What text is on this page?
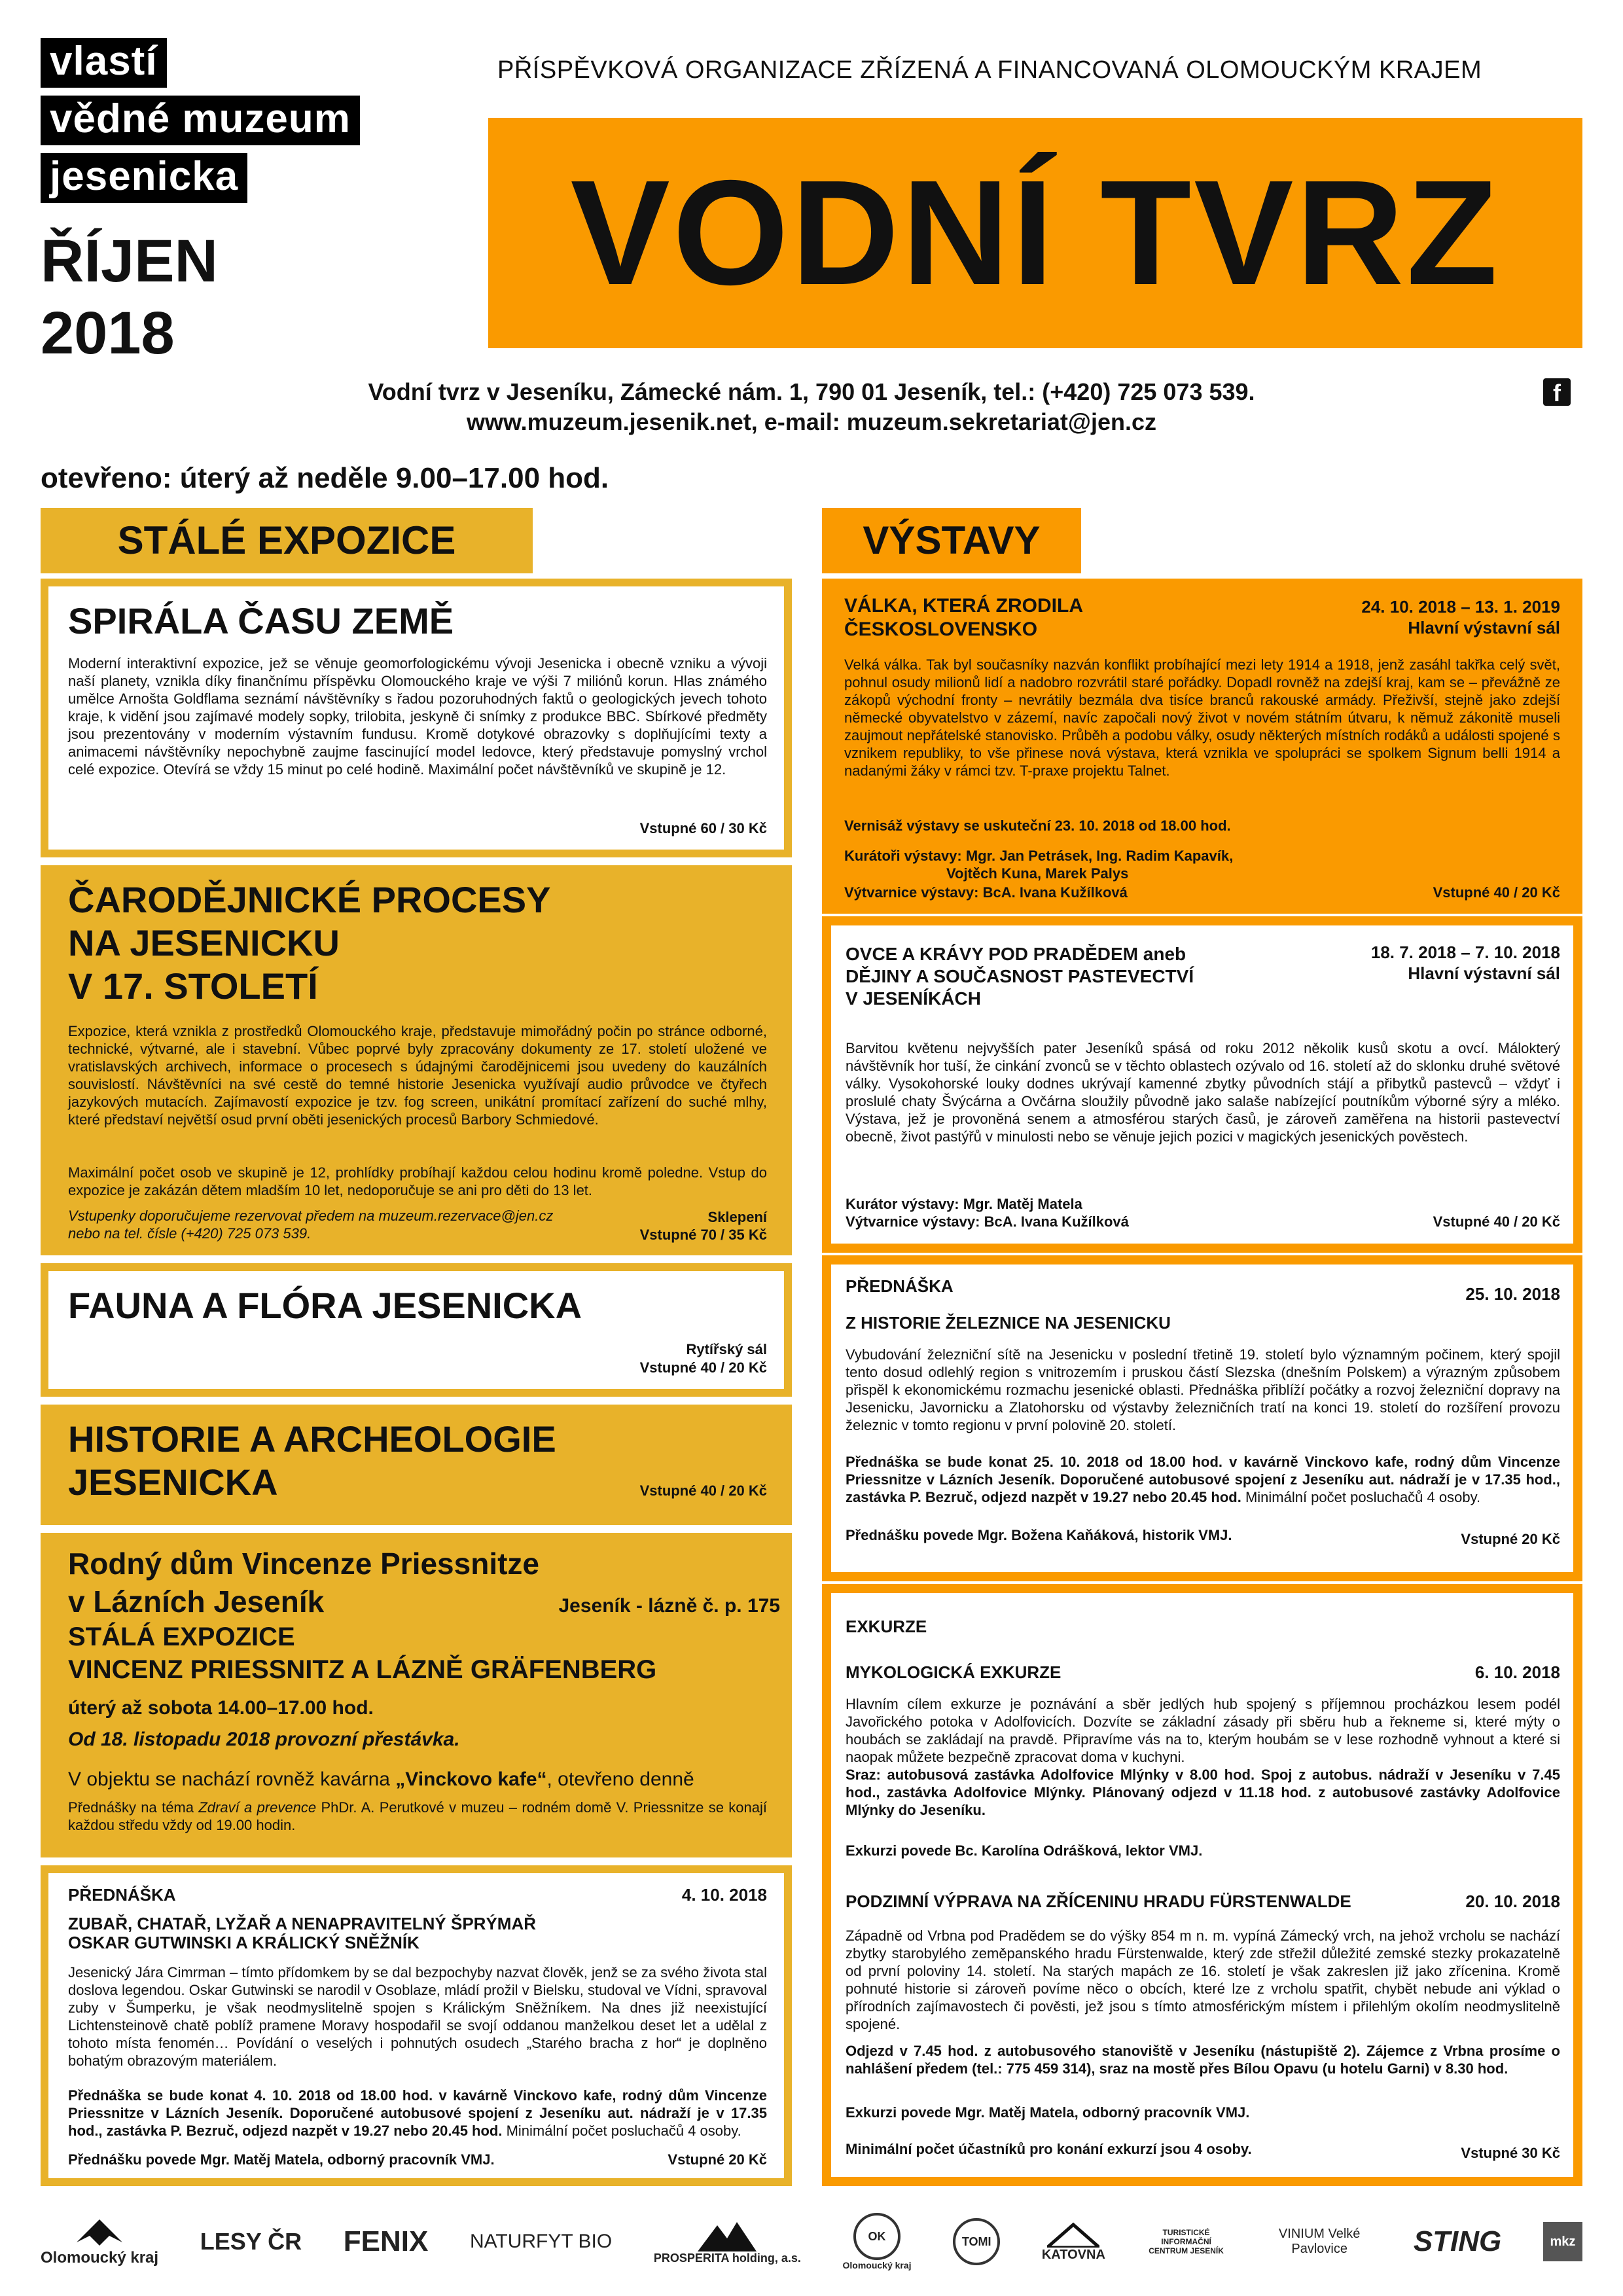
vlastí
vědné muzeum
jesenicka
ŘÍJEN
2018
PŘÍSPĚVKOVÁ ORGANIZACE ZŘÍZENÁ A FINANCOVANÁ OLOMOUCKÝM KRAJEM
VODNÍ TVRZ
Vodní tvrz v Jeseníku, Zámecké nám. 1, 790 01 Jeseník, tel.: (+420) 725 073 539.
www.muzeum.jesenik.net, e-mail: muzeum.sekretariat@jen.cz
f
otevřeno: úterý až neděle 9.00–17.00 hod.
STÁLÉ EXPOZICE
SPIRÁLA ČASU ZEMĚ
Moderní interaktivní expozice, jež se věnuje geomorfologickému vývoji Jesenicka i obecně vzniku a vývoji naší planety, vznikla díky finančnímu příspěvku Olomouckého kraje ve výši 7 miliónů korun. Hlas známého umělce Arnošta Goldflama seznámí návštěvníky s řadou pozoruhodných faktů o geologických jevech tohoto kraje, k vidění jsou zajímavé modely sopky, trilobita, jeskyně či snímky z produkce BBC. Sbírkové předměty jsou prezentovány v moderním výstavním fundusu. Kromě dotykové obrazovky s doplňujícími texty a animacemi návštěvníky nepochybně zaujme fascinující model ledovce, který představuje pomyslný vrchol celé expozice. Otevírá se vždy 15 minut po celé hodině. Maximální počet návštěvníků ve skupině je 12.
Vstupné 60 / 30 Kč
ČARODĚJNICKÉ PROCESY
NA JESENICKU
V 17. STOLETÍ
Expozice, která vznikla z prostředků Olomouckého kraje, představuje mimořádný počin po stránce odborné, technické, výtvarné, ale i stavební. Vůbec poprvé byly zpracovány dokumenty ze 17. století uložené ve vratislavských archivech, informace o procesech s údajnými čarodějnicemi jsou uvedeny do kauzálních souvislostí. Návštěvníci na své cestě do temné historie Jesenicka využívají audio průvodce ve čtyřech jazykových mutacích. Zajímavostí expozice je tzv. fog screen, unikátní promítací zařízení do suché mlhy, které představí největší osud první oběti jesenických procesů Barbory Schmiedové.
Maximální počet osob ve skupině je 12, prohlídky probíhají každou celou hodinu kromě poledne. Vstup do expozice je zakázán dětem mladším 10 let, nedoporučuje se ani pro děti do 13 let.
Vstupenky doporučujeme rezervovat předem na muzeum.rezervace@jen.cz
nebo na tel. čísle (+420) 725 073 539.
Sklepení
Vstupné 70 / 35 Kč
FAUNA A FLÓRA JESENICKA
Rytířský sál
Vstupné 40 / 20 Kč
HISTORIE A ARCHEOLOGIE
JESENICKA	Vstupné 40 / 20 Kč
Rodný dům Vincenze Priessnitze
v Lázních Jeseník	Jeseník - lázně č. p. 175
STÁLÁ EXPOZICE
VINCENZ PRIESSNITZ A LÁZNĚ GRÄFENBERG
úterý až sobota 14.00–17.00 hod.
Od 18. listopadu 2018 provozní přestávka.
V objektu se nachází rovněž kavárna „Vinckovo kafe“, otevřeno denně
Přednášky na téma Zdraví a prevence PhDr. A. Perutkové v muzeu – rodném domě V. Priessnitze se konají každou středu vždy od 19.00 hodin.
PŘEDNÁŠKA	4. 10. 2018
ZUBAŘ, CHATAŘ, LYŽAŘ A NENAPRAVITELNÝ ŠPRÝMAŘ
OSKAR GUTWINSKI A KRÁLICKÝ SNĚŽNÍK
Jesenický Jára Cimrman – tímto přídomkem by se dal bezpochyby nazvat člověk, jenž se za svého života stal doslova legendou. Oskar Gutwinski se narodil v Osoblaze, mládí prožil v Bielsku, studoval ve Vídni, spravoval zuby v Šumperku, je však neodmyslitelně spojen s Králickým Sněžníkem. Na dnes již neexistující Lichtensteinově chatě poblíž pramene Moravy hospodařil se svojí oddanou manželkou deset let a udělal z tohoto místa fenomén… Povídání o veselých i pohnutých osudech „Starého bracha z hor“ je doplněno bohatým obrazovým materiálem.
Přednáška se bude konat 4. 10. 2018 od 18.00 hod. v kavárně Vinckovo kafe, rodný dům Vincenze Priessnitze v Lázních Jeseník. Doporučené autobusové spojení z Jeseníku aut. nádraží je v 17.35 hod., zastávka P. Bezruč, odjezd nazpět v 19.27 nebo 20.45 hod. Minimální počet posluchačů 4 osoby.
Přednášku povede Mgr. Matěj Matela, odborný pracovník VMJ.	Vstupné 20 Kč
VÝSTAVY
VÁLKA, KTERÁ ZRODILA
ČESKOSLOVENSKO
24. 10. 2018 – 13. 1. 2019
Hlavní výstavní sál
Velká válka. Tak byl současníky nazván konflikt probíhající mezi lety 1914 a 1918, jenž zasáhl takřka celý svět, pohnul osudy milionů lidí a nadobro rozvrátil staré pořádky. Dopadl rovněž na zdejší kraj, kam se – převážně ze zákopů východní fronty – nevrátily bezmála dva tisíce branců rakouské armády. Přeživší, stejně jako zdejší německé obyvatelstvo v zázemí, navíc započali nový život v novém státním útvaru, k němuž zákonitě museli zaujmout nepřátelské stanovisko. Průběh a podobu války, osudy některých místních rodáků a události spojené s vznikem republiky, to vše přinese nová výstava, která vznikla ve spolupráci se spolkem Signum belli 1914 a nadanými žáky v rámci tzv. T-praxe projektu Talnet.
Vernisáž výstavy se uskuteční 23. 10. 2018 od 18.00 hod.
Kurátoři výstavy: Mgr. Jan Petrásek, Ing. Radim Kapavík,
Vojtěch Kuna, Marek Palys
Výtvarnice výstavy: BcA. Ivana Kužílková	Vstupné 40 / 20 Kč
OVCE A KRÁVY POD PRADĚDEM aneb
DĚJINY A SOUČASNOST PASTEVECTVÍ
V JESENÍKÁCH
18. 7. 2018 – 7. 10. 2018
Hlavní výstavní sál
Barvitou květenu nejvyšších pater Jeseníků spásá od roku 2012 několik kusů skotu a ovcí. Málokterý návštěvník hor tuší, že cinkání zvonců se v těchto oblastech ozývalo od 16. století až do sklonku druhé světové války. Vysokohorské louky dodnes ukrývají kamenné zbytky původních stájí a přibytků pastevců – vždyť i proslulé chaty Švýcárna a Ovčárna sloužily původně jako salaše nabízející poutníkům výborné sýry a mléko. Výstava, jež je provoněná senem a atmosférou starých časů, je zároveň zaměřena na historii pastevectví obecně, život pastýřů v minulosti nebo se věnuje jejich pozici v magických jesenických pověstech.
Kurátor výstavy: Mgr. Matěj Matela
Výtvarnice výstavy: BcA. Ivana Kužílková	Vstupné 40 / 20 Kč
PŘEDNÁŠKA	25. 10. 2018
Z HISTORIE ŽELEZNICE NA JESENICKU
Vybudování železniční sítě na Jesenicku v poslední třetině 19. století bylo významným počinem, který spojil tento dosud odlehlý region s vnitrozemím i pruskou částí Slezska (dnešním Polskem) a výrazným způsobem přispěl k ekonomickému rozmachu jesenické oblasti. Přednáška přiblíží počátky a rozvoj železniční dopravy na Jesenicku, Javornicku a Zlatohorsku od výstavby železničních tratí na konci 19. století do rozšíření provozu železnic v tomto regionu v první polovině 20. století.
Přednáška se bude konat 25. 10. 2018 od 18.00 hod. v kavárně Vinckovo kafe, rodný dům Vincenze Priessnitze v Lázních Jeseník. Doporučené autobusové spojení z Jeseníku aut. nádraží je v 17.35 hod., zastávka P. Bezruč, odjezd nazpět v 19.27 nebo 20.45 hod. Minimální počet posluchačů 4 osoby.
Přednášku povede Mgr. Božena Kaňáková, historik VMJ.	Vstupné 20 Kč
EXKURZE
MYKOLOGICKÁ EXKURZE	6. 10. 2018
Hlavním cílem exkurze je poznávání a sběr jedlých hub spojený s příjemnou procházkou lesem podél Javořického potoka v Adolfovicích. Dozvíte se základní zásady při sběru hub a řekneme si, které mýty o houbách se zakládají na pravdě. Připravíme vás na to, kterým houbám se v lese rozhodně vyhnout a které si naopak můžete bezpečně zpracovat doma v kuchyni.
Sraz: autobusová zastávka Adolfovice Mlýnky v 8.00 hod. Spoj z autobus. nádraží v Jeseníku v 7.45 hod., zastávka Adolfovice Mlýnky. Plánovaný odjezd v 11.18 hod. z autobusové zastávky Adolfovice Mlýnky do Jeseníku.
Exkurzi povede Bc. Karolína Odrášková, lektor VMJ.
PODZIMNÍ VÝPRAVA NA ZŘÍCENINU HRADU FÜRSTENWALDE	20. 10. 2018
Západně od Vrbna pod Pradědem se do výšky 854 m n. m. vypíná Zámecký vrch, na jehož vrcholu se nachází zbytky starobylého zeměpanského hradu Fürstenwalde, který zde střežil důležité zemské stezky prokazatelně od první poloviny 14. století. Na starých mapách ze 16. století je však zakreslen již jako zřícenina. Kromě pohnuté historie si zároveň povíme něco o obcích, které lze z vrcholu spatřit, chybět nebude ani výklad o přírodních zajímavostech či pověsti, jež jsou s tímto atmosférickým místem i přilehlým okolím neodmyslitelně spojené.
Odjezd v 7.45 hod. z autobusového stanoviště v Jeseníku (nástupiště 2). Zájemce z Vrbna prosíme o nahlášení předem (tel.: 775 459 314), sraz na mostě přes Bílou Opavu (u hotelu Garni) v 8.30 hod.
Exkurzi povede Mgr. Matěj Matela, odborný pracovník VMJ.
Minimální počet účastníků pro konání exkurzí jsou 4 osoby.	Vstupné 30 Kč
Olomoucký kraj
LESY ČR FENIX NATURFYT BIO
PROSPERITA holding, a.s.
OK
Olomoucký kraj
TOMI
KATOVNA
TURISTICKÉ INFORMAČNÍ CENTRUM JESENÍK
VINIUM Velké Pavlovice	STING	mkz
